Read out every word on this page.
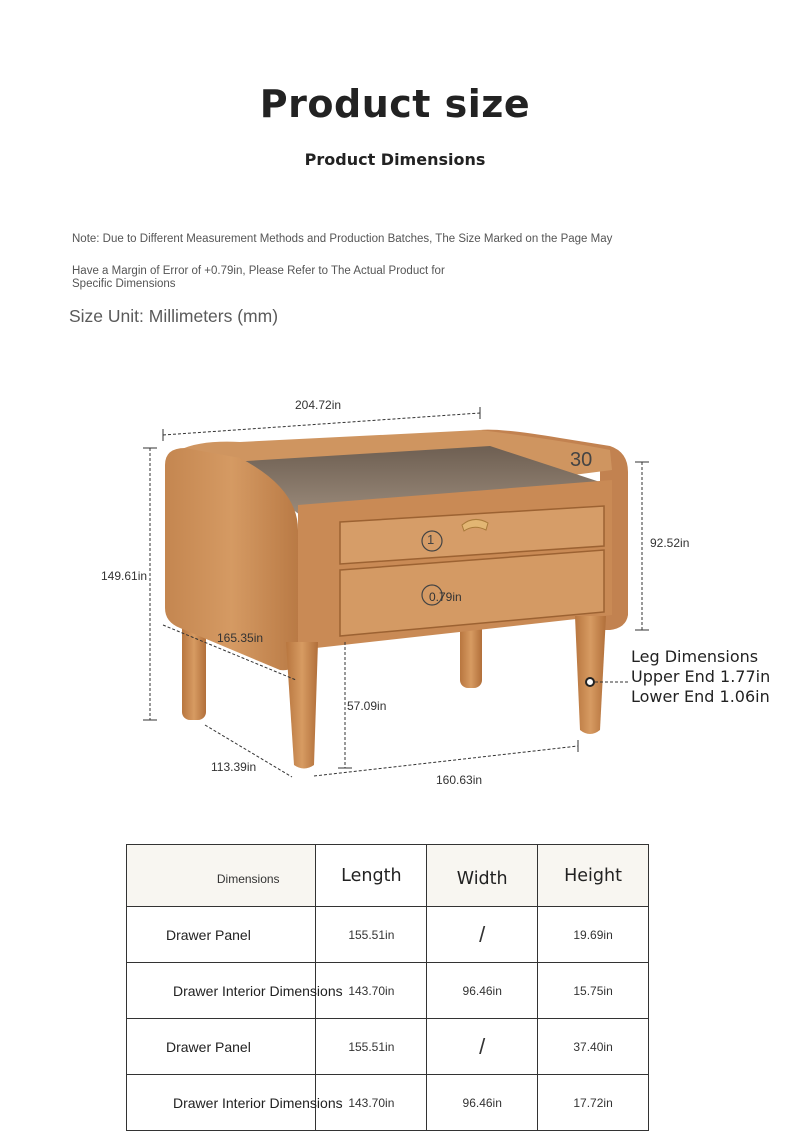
Product size
Product Dimensions
Note: Due to Different Measurement Methods and Production Batches, The Size Marked on the Page May
Have a Margin of Error of +0.79in, Please Refer to The Actual Product for
Specific Dimensions
Size Unit: Millimeters (mm)
204.72in
149.61in
92.52in
165.35in
57.09in
113.39in
160.63in
0.79in
30
1
Leg Dimensions
Upper End 1.77in
Lower End 1.06in
Dimensions	Length	Width	Height
Drawer Panel	155.51in	/	19.69in
Drawer Interior Dimensions	143.70in	96.46in	15.75in
Drawer Panel	155.51in	/	37.40in
Drawer Interior Dimensions	143.70in	96.46in	17.72in
